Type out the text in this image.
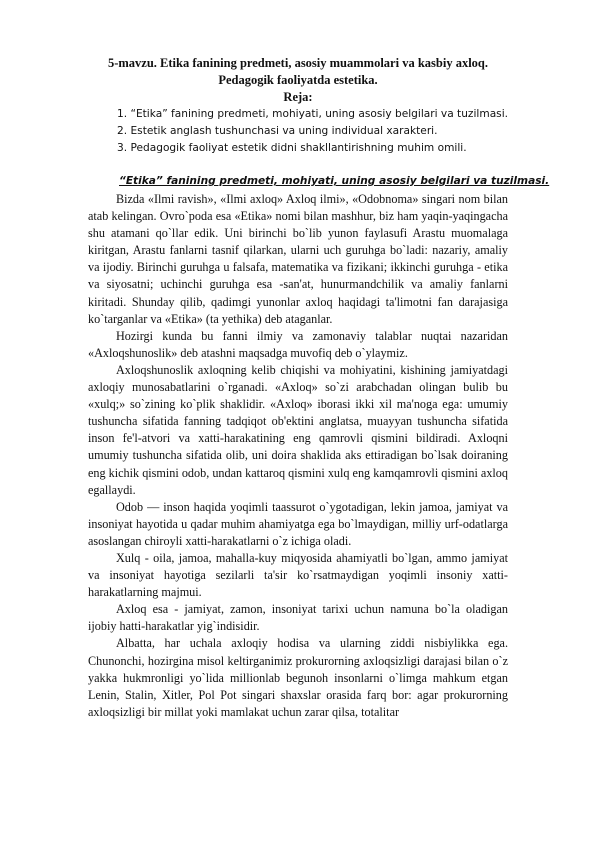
5-mavzu. Etika fanining predmeti, asosiy muammolari va kasbiy axloq.
Pedagogik faoliyatda estetika.
Reja:
1. “Etika” fanining predmeti, mohiyati, uning asosiy belgilari va tuzilmasi.
2. Estetik anglash tushunchasi va uning individual xarakteri.
3. Pedagogik faoliyat estetik didni shakllantirishning muhim omili.
“Etika” fanining predmeti, mohiyati, uning asosiy belgilari va tuzilmasi.

Bizda «Ilmi ravish», «Ilmi axloq» Axloq ilmi», «Odobnoma» singari nom bilan atab kelingan. Ovro`poda esa «Etika» nomi bilan mashhur, biz ham yaqin-yaqingacha shu atamani qo`llar edik. Uni birinchi bo`lib yunon faylasufi Arastu muomalaga kiritgan, Arastu fanlarni tasnif qilarkan, ularni uch guruhga bo`ladi: nazariy, amaliy va ijodiy. Birinchi guruhga u falsafa, matematika va fizikani; ikkinchi guruhga - etika va siyosatni; uchinchi guruhga esa -san'at, hunurmandchilik va amaliy fanlarni kiritadi. Shunday qilib, qadimgi yunonlar axloq haqidagi ta'limotni fan darajasiga ko`targanlar va «Etika» (ta yethika) deb ataganlar.

Hozirgi kunda bu fanni ilmiy va zamonaviy talablar nuqtai nazaridan «Axloqshunoslik» deb atashni maqsadga muvofiq deb o`ylaymiz.

Axloqshunoslik axloqning kelib chiqishi va mohiyatini, kishining jamiyatdagi axloqiy munosabatlarini o`rganadi. «Axloq» so`zi arabchadan olingan bulib bu «xulq;» so`zining ko`plik shaklidir. «Axloq» iborasi ikki xil ma'noga ega: umumiy tushuncha sifatida fanning tadqiqot ob'ektini anglatsa, muayyan tushuncha sifatida inson fe'l-atvori va xatti-harakatining eng qamrovli qismini bildiradi. Axloqni umumiy tushuncha sifatida olib, uni doira shaklida aks ettiradigan bo`lsak doiraning eng kichik qismini odob, undan kattaroq qismini xulq eng kamqamrovli qismini axloq egallaydi.

Odob — inson haqida yoqimli taassurot o`ygotadigan, lekin jamoa, jamiyat va insoniyat hayotida u qadar muhim ahamiyatga ega bo`lmaydigan, milliy urf-odatlarga asoslangan chiroyli xatti-harakatlarni o`z ichiga oladi.

Xulq - oila, jamoa, mahalla-kuy miqyosida ahamiyatli bo`lgan, ammo jamiyat va insoniyat hayotiga sezilarli ta'sir ko`rsatmaydigan yoqimli insoniy xatti-harakatlarning majmui.

Axloq esa - jamiyat, zamon, insoniyat tarixi uchun namuna bo`la oladigan ijobiy hatti-harakatlar yig`indisidir.

Albatta, har uchala axloqiy hodisa va ularning ziddi nisbiylikka ega. Chunonchi, hozirgina misol keltirganimiz prokurorning axloqsizligi darajasi bilan o`z yakka hukmronligi yo`lida millionlab begunoh insonlarni o`limga mahkum etgan Lenin, Stalin, Xitler, Pol Pot singari shaxslar orasida farq bor: agar prokurorning axloqsizligi bir millat yoki mamlakat uchun zarar qilsa, totalitar
